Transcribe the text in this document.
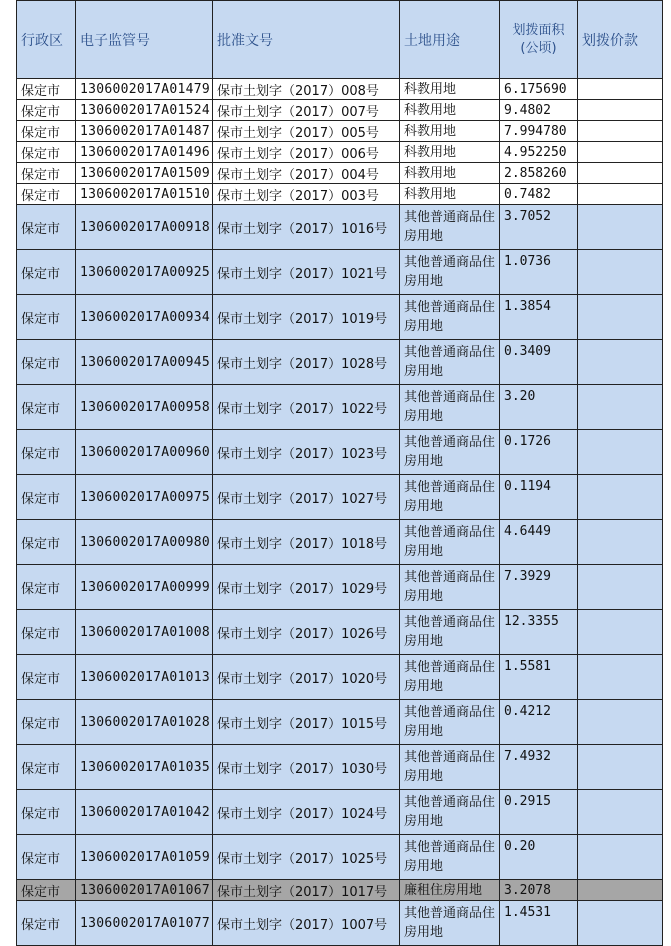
行政区	电子监管号	批准文号	土地用途	划拨面积(公顷)	划拨价款
保定市	1306002017A01479	保市土划字（2017）008号	科教用地	6.175690	
保定市	1306002017A01524	保市土划字（2017）007号	科教用地	9.4802	
保定市	1306002017A01487	保市土划字（2017）005号	科教用地	7.994780	
保定市	1306002017A01496	保市土划字（2017）006号	科教用地	4.952250	
保定市	1306002017A01509	保市土划字（2017）004号	科教用地	2.858260	
保定市	1306002017A01510	保市土划字（2017）003号	科教用地	0.7482	
保定市	1306002017A00918	保市土划字（2017）1016号	其他普通商品住房用地	3.7052	
保定市	1306002017A00925	保市土划字（2017）1021号	其他普通商品住房用地	1.0736	
保定市	1306002017A00934	保市土划字（2017）1019号	其他普通商品住房用地	1.3854	
保定市	1306002017A00945	保市土划字（2017）1028号	其他普通商品住房用地	0.3409	
保定市	1306002017A00958	保市土划字（2017）1022号	其他普通商品住房用地	3.20	
保定市	1306002017A00960	保市土划字（2017）1023号	其他普通商品住房用地	0.1726	
保定市	1306002017A00975	保市土划字（2017）1027号	其他普通商品住房用地	0.1194	
保定市	1306002017A00980	保市土划字（2017）1018号	其他普通商品住房用地	4.6449	
保定市	1306002017A00999	保市土划字（2017）1029号	其他普通商品住房用地	7.3929	
保定市	1306002017A01008	保市土划字（2017）1026号	其他普通商品住房用地	12.3355	
保定市	1306002017A01013	保市土划字（2017）1020号	其他普通商品住房用地	1.5581	
保定市	1306002017A01028	保市土划字（2017）1015号	其他普通商品住房用地	0.4212	
保定市	1306002017A01035	保市土划字（2017）1030号	其他普通商品住房用地	7.4932	
保定市	1306002017A01042	保市土划字（2017）1024号	其他普通商品住房用地	0.2915	
保定市	1306002017A01059	保市土划字（2017）1025号	其他普通商品住房用地	0.20	
保定市	1306002017A01067	保市土划字（2017）1017号	廉租住房用地	3.2078	
保定市	1306002017A01077	保市土划字（2017）1007号	其他普通商品住房用地	1.4531	
